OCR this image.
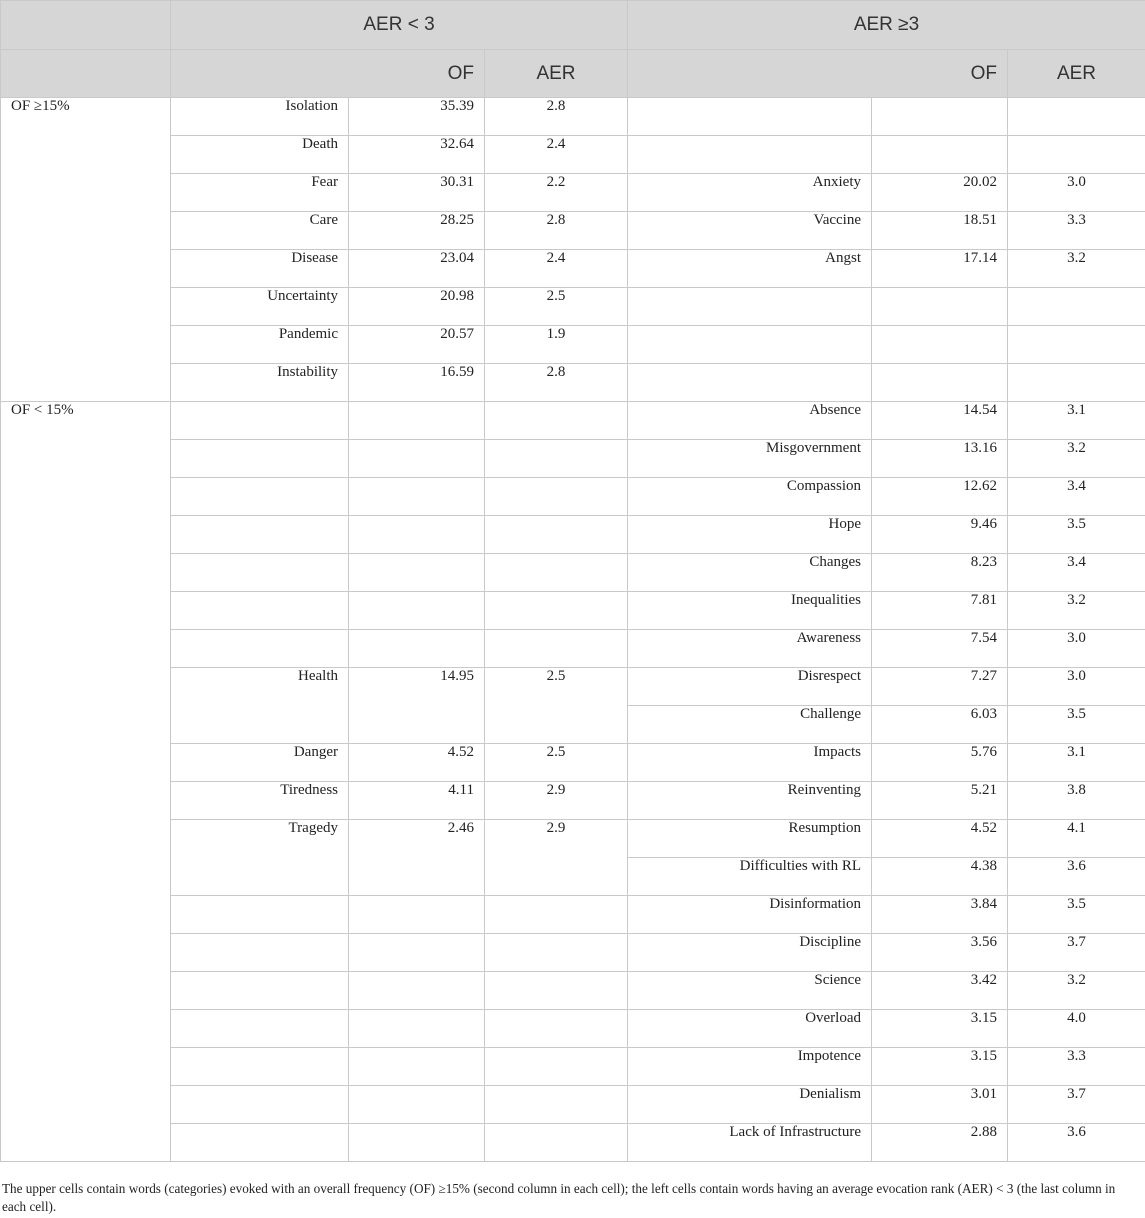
	AER < 3			AER ≥3		
	OF		AER	OF		AER
OF ≥15%	Isolation	35.39	2.8			
	Death	32.64	2.4			
	Fear	30.31	2.2	Anxiety	20.02	3.0
	Care	28.25	2.8	Vaccine	18.51	3.3
	Disease	23.04	2.4	Angst	17.14	3.2
	Uncertainty	20.98	2.5			
	Pandemic	20.57	1.9			
	Instability	16.59	2.8			
OF < 15%				Absence	14.54	3.1
				Misgovernment	13.16	3.2
				Compassion	12.62	3.4
				Hope	9.46	3.5
				Changes	8.23	3.4
				Inequalities	7.81	3.2
				Awareness	7.54	3.0
	Health	14.95	2.5	Disrespect	7.27	3.0
				Challenge	6.03	3.5
	Danger	4.52	2.5	Impacts	5.76	3.1
	Tiredness	4.11	2.9	Reinventing	5.21	3.8
	Tragedy	2.46	2.9	Resumption	4.52	4.1
				Difficulties with RL	4.38	3.6
				Disinformation	3.84	3.5
				Discipline	3.56	3.7
				Science	3.42	3.2
				Overload	3.15	4.0
				Impotence	3.15	3.3
				Denialism	3.01	3.7
				Lack of Infrastructure	2.88	3.6
The upper cells contain words (categories) evoked with an overall frequency (OF) ≥15% (second column in each cell); the left cells contain words having an average evocation rank (AER) < 3 (the last column in each cell).
